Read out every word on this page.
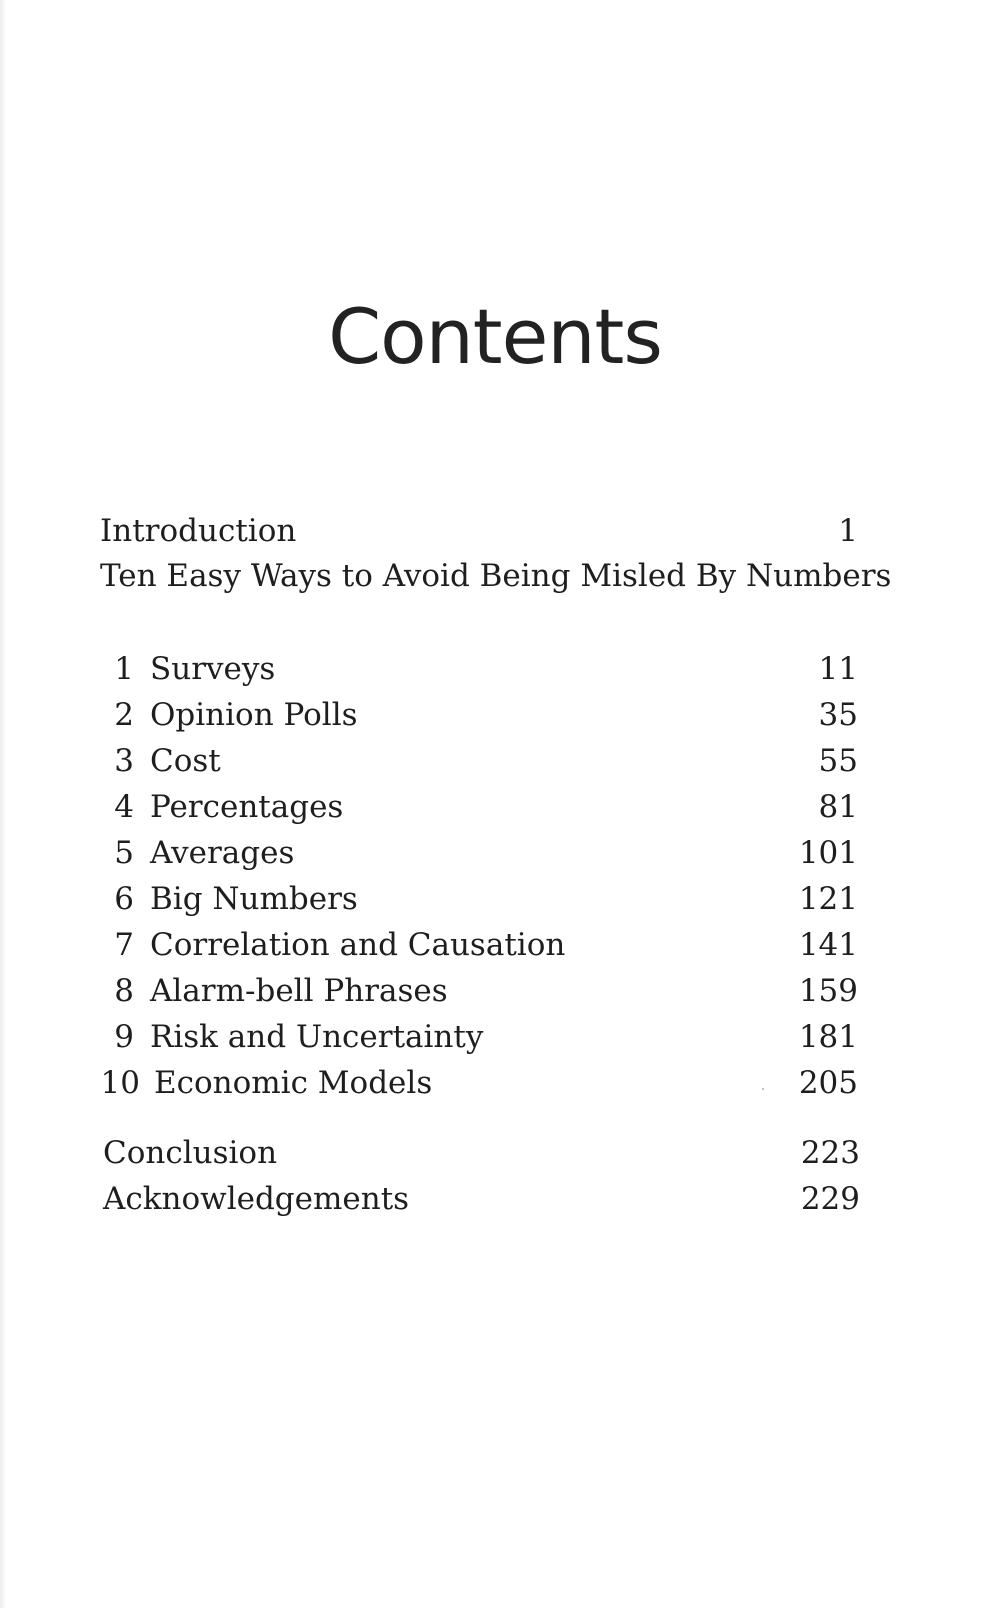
Contents
Introduction	1
Ten Easy Ways to Avoid Being Misled By Numbers
1 Surveys	11
2 Opinion Polls	35
3 Cost	55
4 Percentages	81
5 Averages	101
6 Big Numbers	121
7 Correlation and Causation	141
8 Alarm-bell Phrases	159
9 Risk and Uncertainty	181
10 Economic Models	205
Conclusion	223
Acknowledgements	229
